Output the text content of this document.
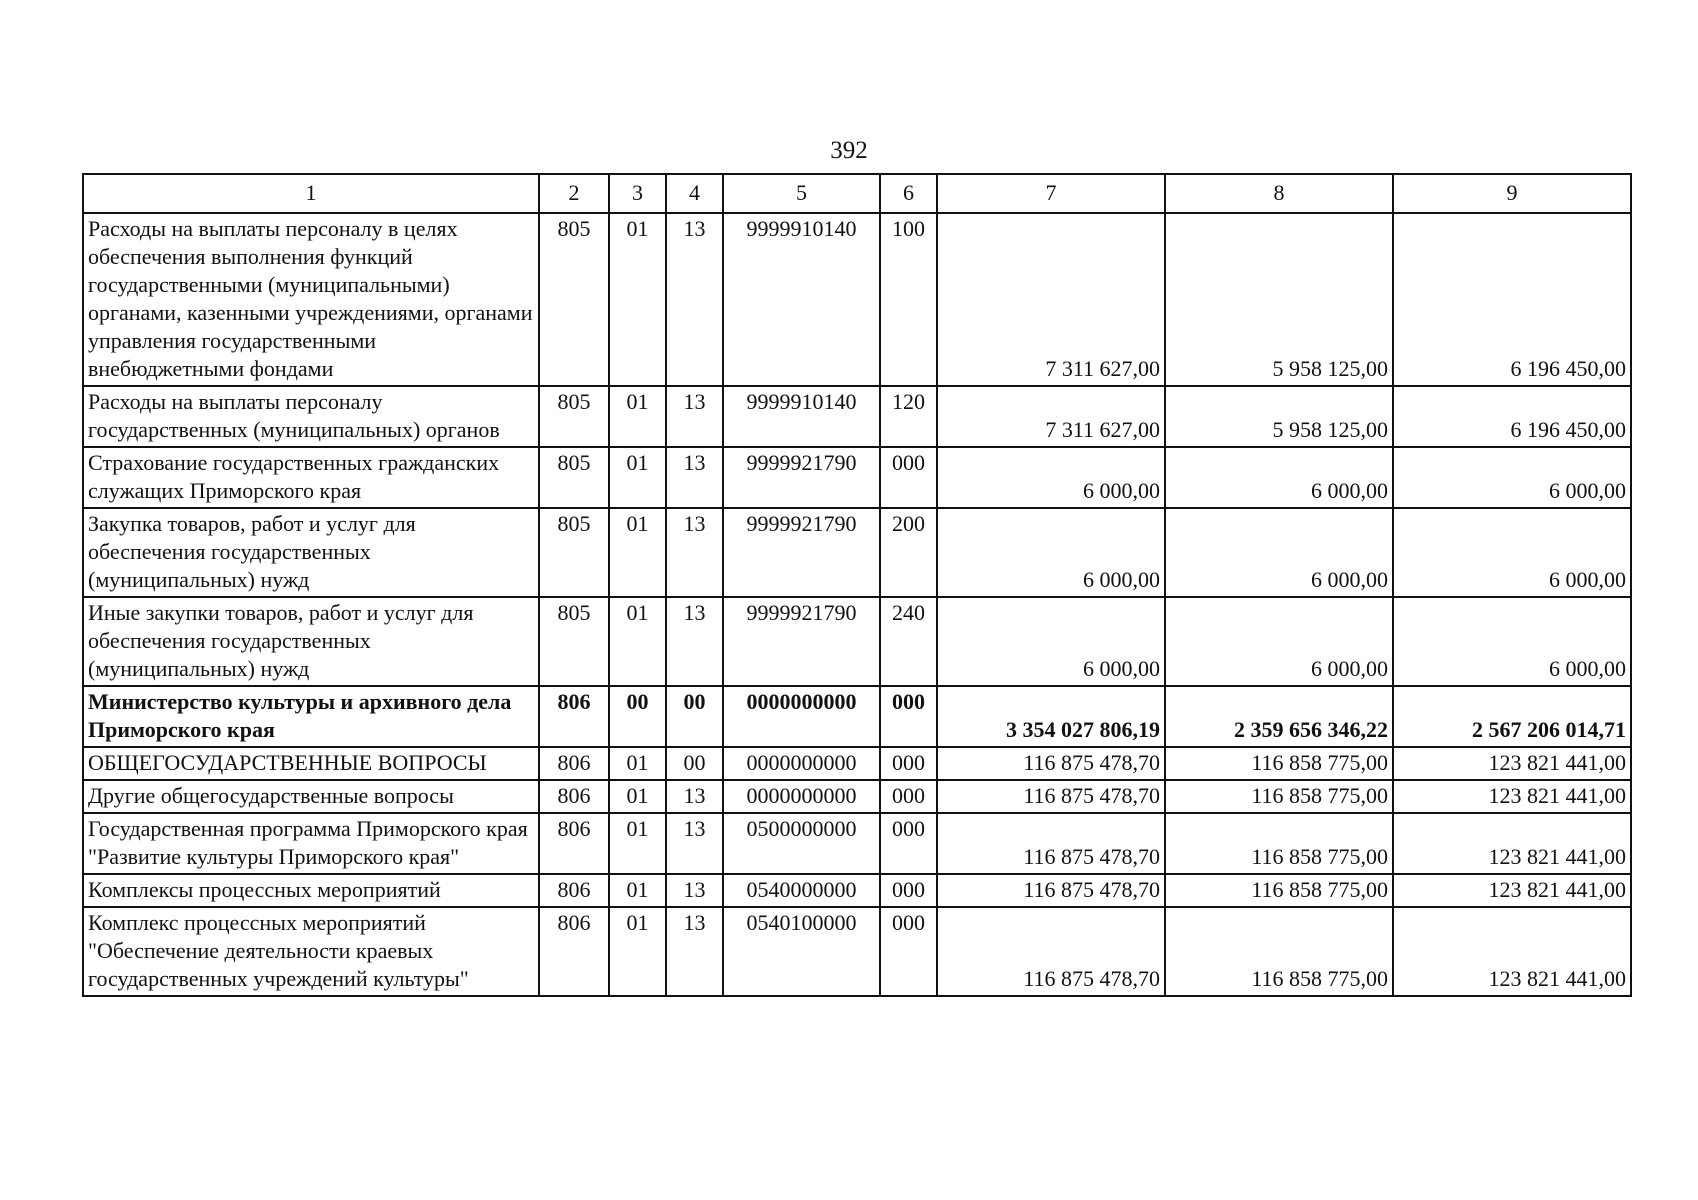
392
1	2	3	4	5	6	7	8	9
Расходы на выплаты персоналу в целях обеспечения выполнения функций государственными (муниципальными) органами, казенными учреждениями, органами управления государственными внебюджетными фондами	805	01	13	9999910140	100	7 311 627,00	5 958 125,00	6 196 450,00
Расходы на выплаты персоналу государственных (муниципальных) органов	805	01	13	9999910140	120	7 311 627,00	5 958 125,00	6 196 450,00
Страхование государственных гражданских служащих Приморского края	805	01	13	9999921790	000	6 000,00	6 000,00	6 000,00
Закупка товаров, работ и услуг для обеспечения государственных (муниципальных) нужд	805	01	13	9999921790	200	6 000,00	6 000,00	6 000,00
Иные закупки товаров, работ и услуг для обеспечения государственных (муниципальных) нужд	805	01	13	9999921790	240	6 000,00	6 000,00	6 000,00
Министерство культуры и архивного дела Приморского края	806	00	00	0000000000	000	3 354 027 806,19	2 359 656 346,22	2 567 206 014,71
ОБЩЕГОСУДАРСТВЕННЫЕ ВОПРОСЫ	806	01	00	0000000000	000	116 875 478,70	116 858 775,00	123 821 441,00
Другие общегосударственные вопросы	806	01	13	0000000000	000	116 875 478,70	116 858 775,00	123 821 441,00
Государственная программа Приморского края "Развитие культуры Приморского края"	806	01	13	0500000000	000	116 875 478,70	116 858 775,00	123 821 441,00
Комплексы процессных мероприятий	806	01	13	0540000000	000	116 875 478,70	116 858 775,00	123 821 441,00
Комплекс процессных мероприятий "Обеспечение деятельности краевых государственных учреждений культуры"	806	01	13	0540100000	000	116 875 478,70	116 858 775,00	123 821 441,00
